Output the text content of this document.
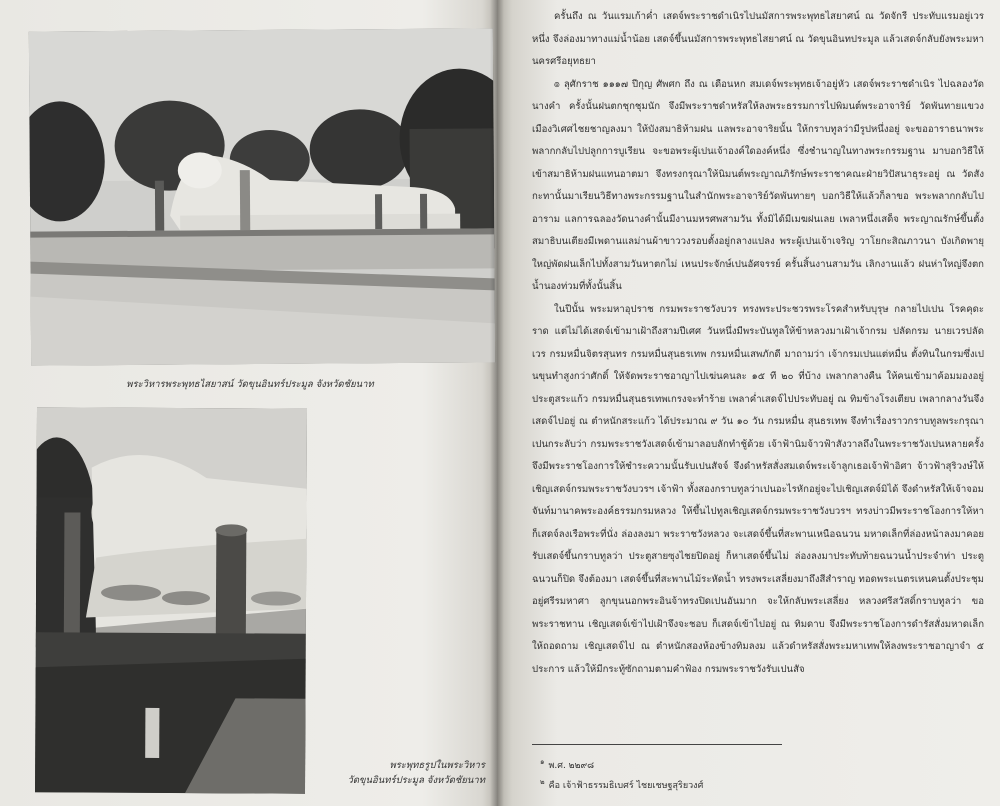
พระวิหารพระพุทธไสยาสน์ วัดขุนอินทร์ประมูล จังหวัดชัยนาท
พระพุทธรูปในพระวิหาร
วัดขุนอินทร์ประมูล จังหวัดชัยนาท

ครั้นถึง ณ วันแรมเก้าค่ำ เสดจ์พระราชดำเนิรไปนมัสการพระพุทธไสยาศน์ ณ วัดจักรี ประทับแรมอยู่เวรหนึ่ง จึงล่องมาทางแม่น้ำน้อย เสดจ์ขึ้นนมัสการพระพุทธไสยาศน์ ณ วัดขุนอินทประมูล แล้วเสดจ์กลับยังพระมหานครศรีอยุทธยา

๏ ลุศักราช ๑๑๑๗ ปีกุญ ศัพศก ถึง ณ เดือนหก สมเดจ์พระพุทธเจ้าอยู่หัว เสดจ์พระราชดำเนิร ไปฉลองวัดนางคำ ครั้งนั้นฝนตกชุกชุมนัก จึงมีพระราชดำหรัสให้ลงพระธรรมการไปพิมนต์พระอาจาริย์ วัดพันทายแขวงเมืองวิเศศไชยชาญลงมา ให้บังสมาธิห้ามฝน แลพระอาจาริยนั้น ให้กราบทูลว่ามีรูปหนึ่งอยู่ จะขออาราธนาพระพลากกลับไปปลูกการบูเรียน จะขอพระผู้เปนเจ้าองค์ใดองค์หนึ่ง ซึ่งชำนาญในทางพระกรรมฐาน มาบอกวิธีให้เข้าสมาธิห้ามฝนแทนอาตมา จึงทรงกรุณาให้นิมนต์พระญาณภิรักษ์พระราชาคณะฝ่ายวิปัสนาธุระอยู่ ณ วัดสังกะทานั้นมาเรียนวิธีทางพระกรรมฐานในสำนักพระอาจาริย์วัดพันทายๆ บอกวิธีให้แล้วก็ลาขอ พระพลากกลับไปอาราม แลการฉลองวัดนางคำนั้นมีงานมหรศพสามวัน ทั้งมิได้มีเมฆฝนเลย เพลาหนึ่งเสด็จ พระญาณรักษ์ขึ้นตั้งสมาธิบนเตียงมีเพดานแลม่านผ้าขาววงรอบตั้งอยู่กลางแปลง พระผู้เปนเจ้าเจริญ วาโยกะสิณภาวนา บังเกิดพายุใหญ่พัดฝนเล็กไปทั้งสามวันหาตกไม่ เหนประจักษ์เปนอัศจรรย์ ครั้นสิ้นงานสามวัน เลิกงานแล้ว ฝนห่าใหญ่จึงตกน้ำนองท่วมที่ทั้งนั้นสิ้น

ในปีนั้น พระมหาอุปราช กรมพระราชวังบวร ทรงพระประชวรพระโรคสำหรับบุรุษ กลายไปเปน โรคคุดะราด แต่ไม่ได้เสดจ์เข้ามาเฝ้าถึงสามปีเศศ วันหนึ่งมีพระบันทูลให้ข้าหลวงมาเฝ้าเจ้ากรม ปลัดกรม นายเวรปลัดเวร กรมหมื่นจิตรสุนทร กรมหมื่นสุนธรเทพ กรมหมื่นเสพภักดี มาถามว่า เจ้ากรมเปนแต่หมื่น ตั้งทินในกรมซึ่งเปนขุนทำสูงกว่าศักดิ์ ให้จัดพระราชอาญาไปเฆ่นคนละ ๑๕ ที ๒๐ ที่บ้าง เพลากลางคืน ให้คนเข้ามาค้อมมองอยู่ประตูสระแก้ว กรมหมื่นสุนธรเทพเกรงจะทำร้าย เพลาค่ำเสดจ์ไปประทับอยู่ ณ ทิมข้างโรงเตียบ เพลากลางวันจึงเสดจ์ไปอยู่ ณ ตำหนักสระแก้ว ได้ประมาณ ๙ วัน ๑๐ วัน กรมหมื่น สุนธรเทพ จึงทำเรื่องราวกราบทูลพระกรุณาเปนกระลับว่า กรมพระราชวังเสดจ์เข้ามาลอบลักทำชู้ด้วย เจ้าฟ้านิมจ้าวฟ้าสังวาลถึงในพระราชวังเปนหลายครั้ง จึงมีพระราชโองการให้ชำระความนั้นรับเปนสัจจ์ จึงดำหรัสสั่งสมเดจ์พระเจ้าลูกเธอเจ้าฟ้าอิศา จ้าวฟ้าสุริวงษ์ให้เชิญเสดจ์กรมพระราชวังบวรฯ เจ้าฟ้า ทั้งสองกราบทูลว่าเปนอะไรหักอยู่จะไปเชิญเสดจ์มิได้ จึงดำหรัสให้เจ้าจอมจันท์มานาคพระองค์ธรรมกรมหลวง ให้ขึ้นไปทูลเชิญเสดจ์กรมพระราชวังบวรฯ ทรงบ่าวมีพระราชโองการให้หา ก็เสดจ์ลงเรือพระที่นั่ง ล่องลงมา พระราชวังหลวง จะเสดจ์ขึ้นที่สะพานเหนือฉนวน มหาดเล็กที่ล่องหน้าลงมาคอยรับเสดจ์ขึ้นกราบทูลว่า ประตูสายซุงไชยปิดอยู่ ก็หาเสดจ์ขึ้นไม่ ล่องลงมาประทับท้ายฉนวนน้ำประจำท่า ประตูฉนวนก็ปิด จึงต้องมา เสดจ์ขึ้นที่สะพานไม้ระหัดน้ำ ทรงพระเสลี่ยงมาถึงสีสำราญ ทอดพระเนตรเหนคนตั้งประชุมอยู่ศรีรมหาศา ลูกขุนนอกพระอินจ้าทรงปิดเปนอันมาก จะให้กลับพระเสลี่ยง หลวงศรีสวัสดิ์กราบทูลว่า ขอพระราชทาน เชิญเสดจ์เข้าไปเฝ้าจึงจะชอบ ก็เสดจ์เข้าไปอยู่ ณ ทิมดาบ จึงมีพระราชโองการดำรัสสั่งมหาดเล็กให้ถอดถาม เชิญเสดจ์ไป ณ ตำหนักสองห้องข้างทิมลงม แล้วดำหรัสสั่งพระมหาเทพให้ลงพระราชอาญาจำ ๕ ประการ แล้วให้มีกระทู้ซักถามตามคำฟ้อง กรมพระราชวังรับเปนสัจ

$^๑$ พ.ศ. ๒๒๙๘
$^๒$ คือ เจ้าฟ้าธรรมธิเบศร์ ไชยเชษฐสุริยวงศ์
